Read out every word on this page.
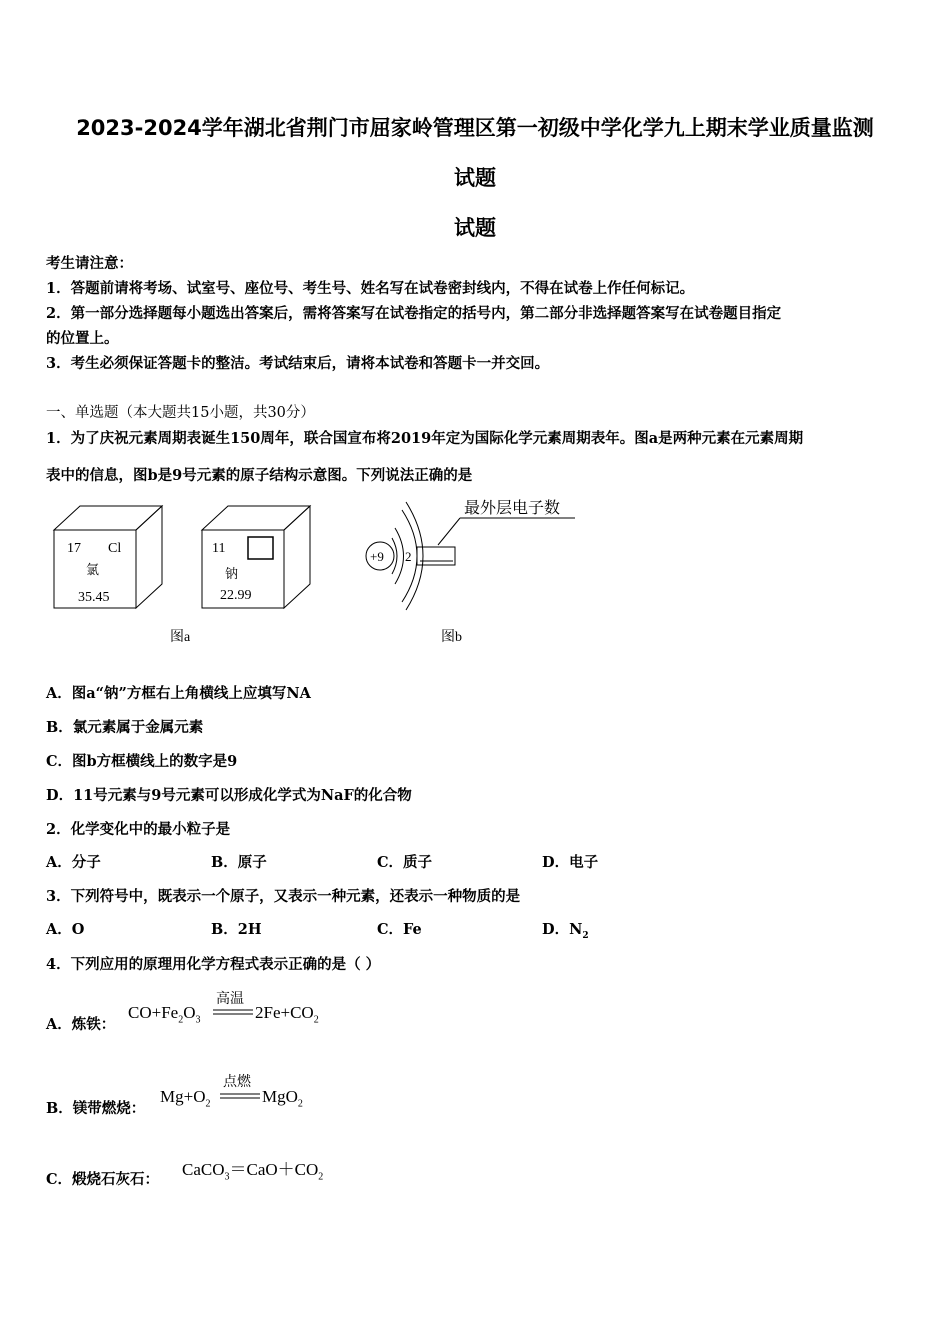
2023-2024学年湖北省荆门市屈家岭管理区第一初级中学化学九上期末学业质量监测
试题
试题
考生请注意：
1．答题前请将考场、试室号、座位号、考生号、姓名写在试卷密封线内，不得在试卷上作任何标记。
2．第一部分选择题每小题选出答案后，需将答案写在试卷指定的括号内，第二部分非选择题答案写在试卷题目指定
的位置上。
3．考生必须保证答题卡的整洁。考试结束后，请将本试卷和答题卡一并交回。
一、单选题（本大题共15小题，共30分）
1．为了庆祝元素周期表诞生150周年，联合国宣布将2019年定为国际化学元素周期表年。图a是两种元素在元素周期
表中的信息，图b是9号元素的原子结构示意图。下列说法正确的是
17 Cl
氯
35.45
11
钠
22.99
+9 2
最外层电子数
图a	图b
A．图a“钠”方框右上角横线上应填写NA
B．氯元素属于金属元素
C．图b方框横线上的数字是9
D．11号元素与9号元素可以形成化学式为NaF的化合物
2．化学变化中的最小粒子是
A．分子	B．原子	C．质子	D．电子
3．下列符号中，既表示一个原子，又表示一种元素，还表示一种物质的是
A．O	B．2H	C．Fe	D．$N_2$
4．下列应用的原理用化学方程式表示正确的是（ ）
A．炼铁：
$CO+Fe_2O_3$
高温
$2Fe+CO_2$
B．镁带燃烧：
$Mg+O_2$
点燃
MgO$_2$
C．煅烧石灰石：
$CaCO_3=CaO+CO_2$
